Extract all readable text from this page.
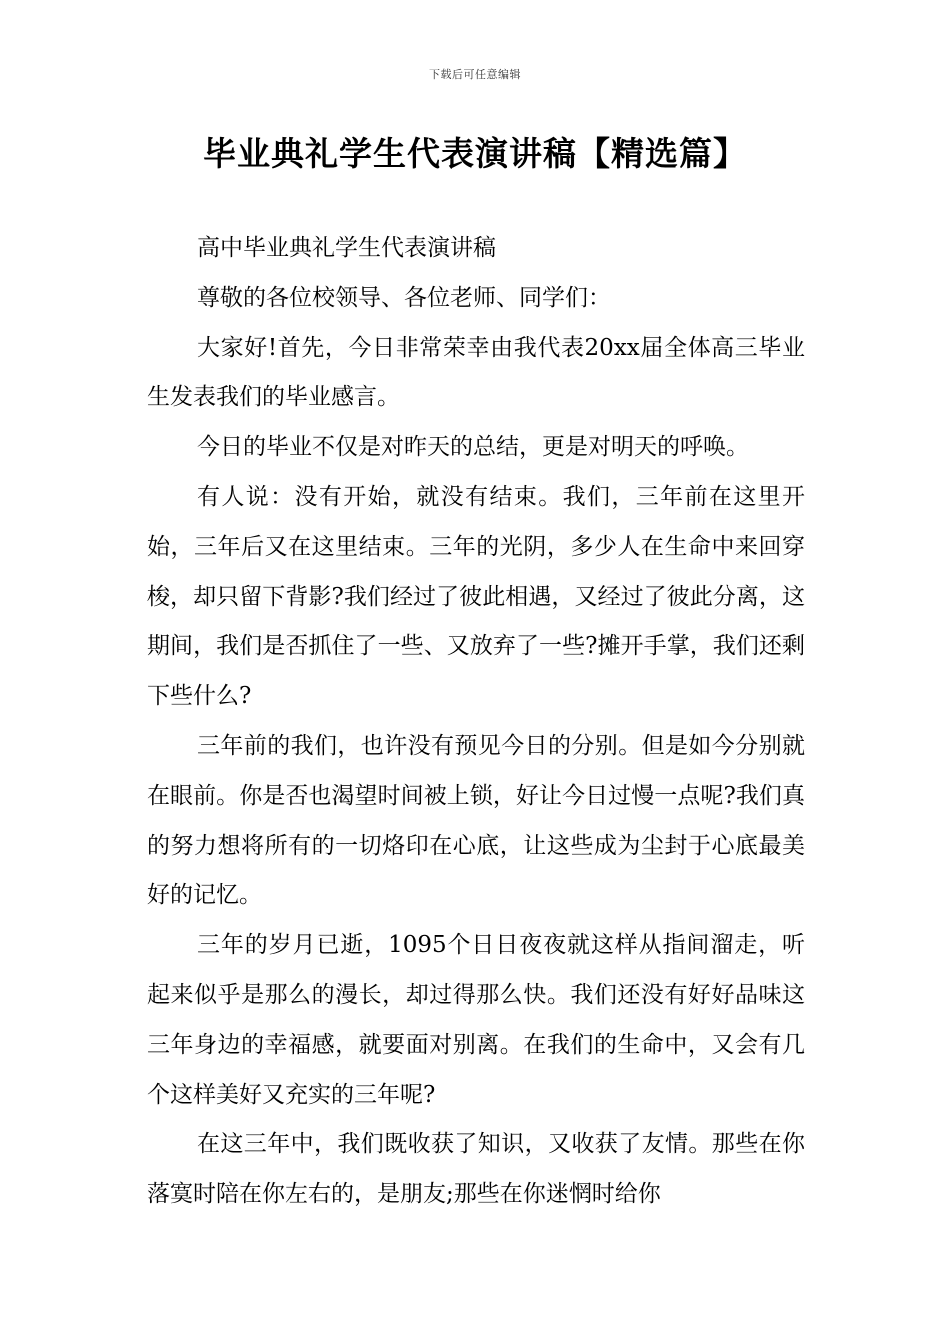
下载后可任意编辑
毕业典礼学生代表演讲稿【精选篇】

高中毕业典礼学生代表演讲稿

尊敬的各位校领导、各位老师、同学们：

大家好!首先，今日非常荣幸由我代表20xx届全体高三毕业生发表我们的毕业感言。

今日的毕业不仅是对昨天的总结，更是对明天的呼唤。

有人说：没有开始，就没有结束。我们，三年前在这里开始，三年后又在这里结束。三年的光阴，多少人在生命中来回穿梭，却只留下背影?我们经过了彼此相遇，又经过了彼此分离，这期间，我们是否抓住了一些、又放弃了一些?摊开手掌，我们还剩下些什么?

三年前的我们，也许没有预见今日的分别。但是如今分别就在眼前。你是否也渴望时间被上锁，好让今日过慢一点呢?我们真的努力想将所有的一切烙印在心底，让这些成为尘封于心底最美好的记忆。

三年的岁月已逝，1095个日日夜夜就这样从指间溜走，听起来似乎是那么的漫长，却过得那么快。我们还没有好好品味这三年身边的幸福感，就要面对别离。在我们的生命中，又会有几个这样美好又充实的三年呢?

在这三年中，我们既收获了知识，又收获了友情。那些在你落寞时陪在你左右的，是朋友;那些在你迷惘时给你
